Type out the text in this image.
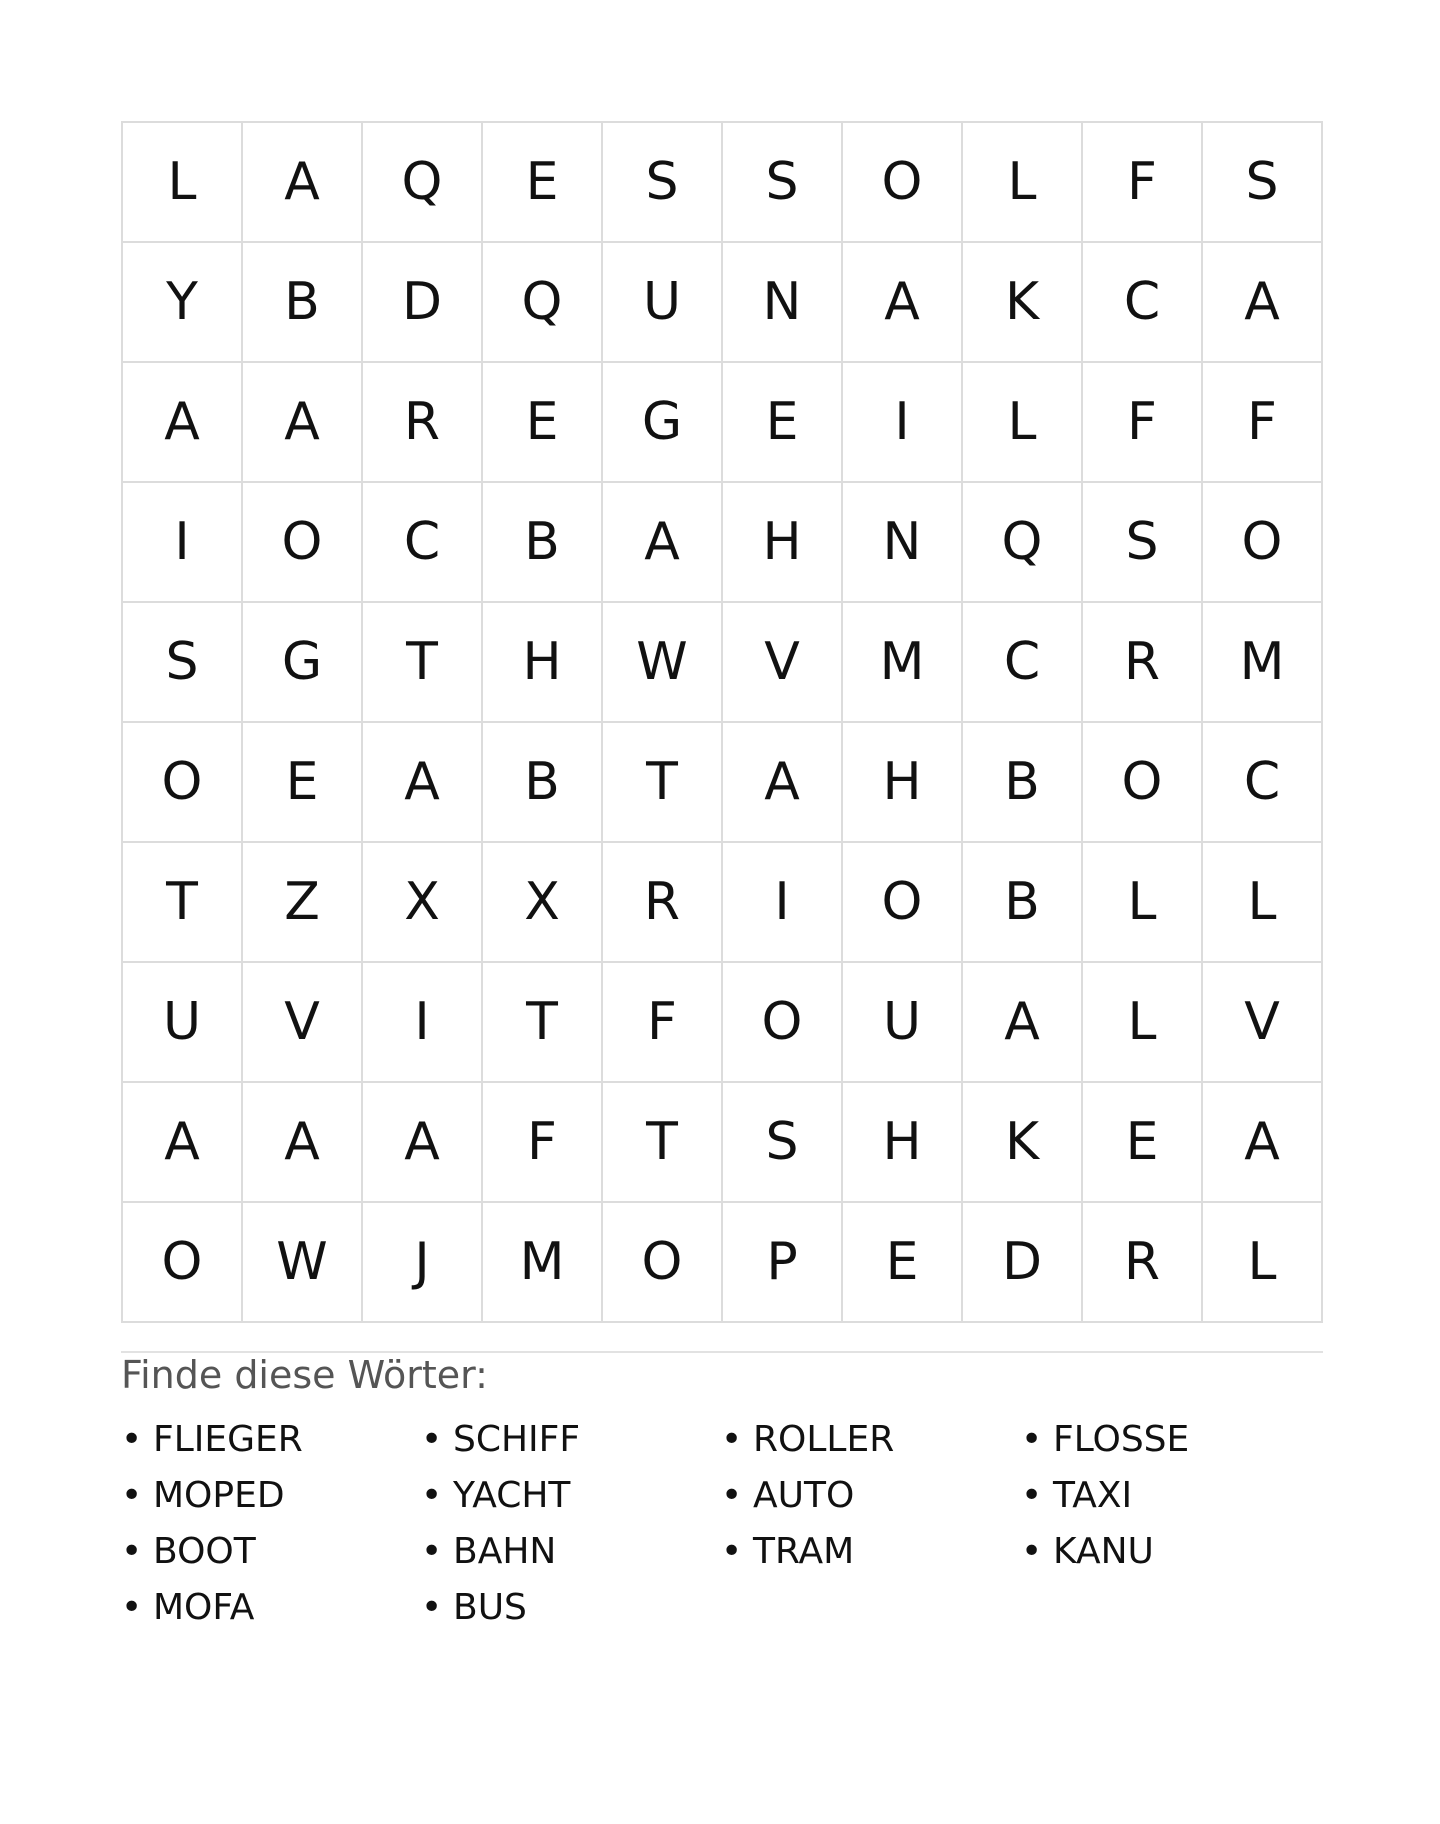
L	A	Q	E	S	S	O	L	F	S
Y	B	D	Q	U	N	A	K	C	A
A	A	R	E	G	E	I	L	F	F
I	O	C	B	A	H	N	Q	S	O
S	G	T	H	W	V	M	C	R	M
O	E	A	B	T	A	H	B	O	C
T	Z	X	X	R	I	O	B	L	L
U	V	I	T	F	O	U	A	L	V
A	A	A	F	T	S	H	K	E	A
O	W	J	M	O	P	E	D	R	L

Finde diese Wörter:

• FLIEGER	• SCHIFF	• ROLLER	• FLOSSE
• MOPED	• YACHT	• AUTO	• TAXI
• BOOT	• BAHN	• TRAM	• KANU
• MOFA	• BUS
